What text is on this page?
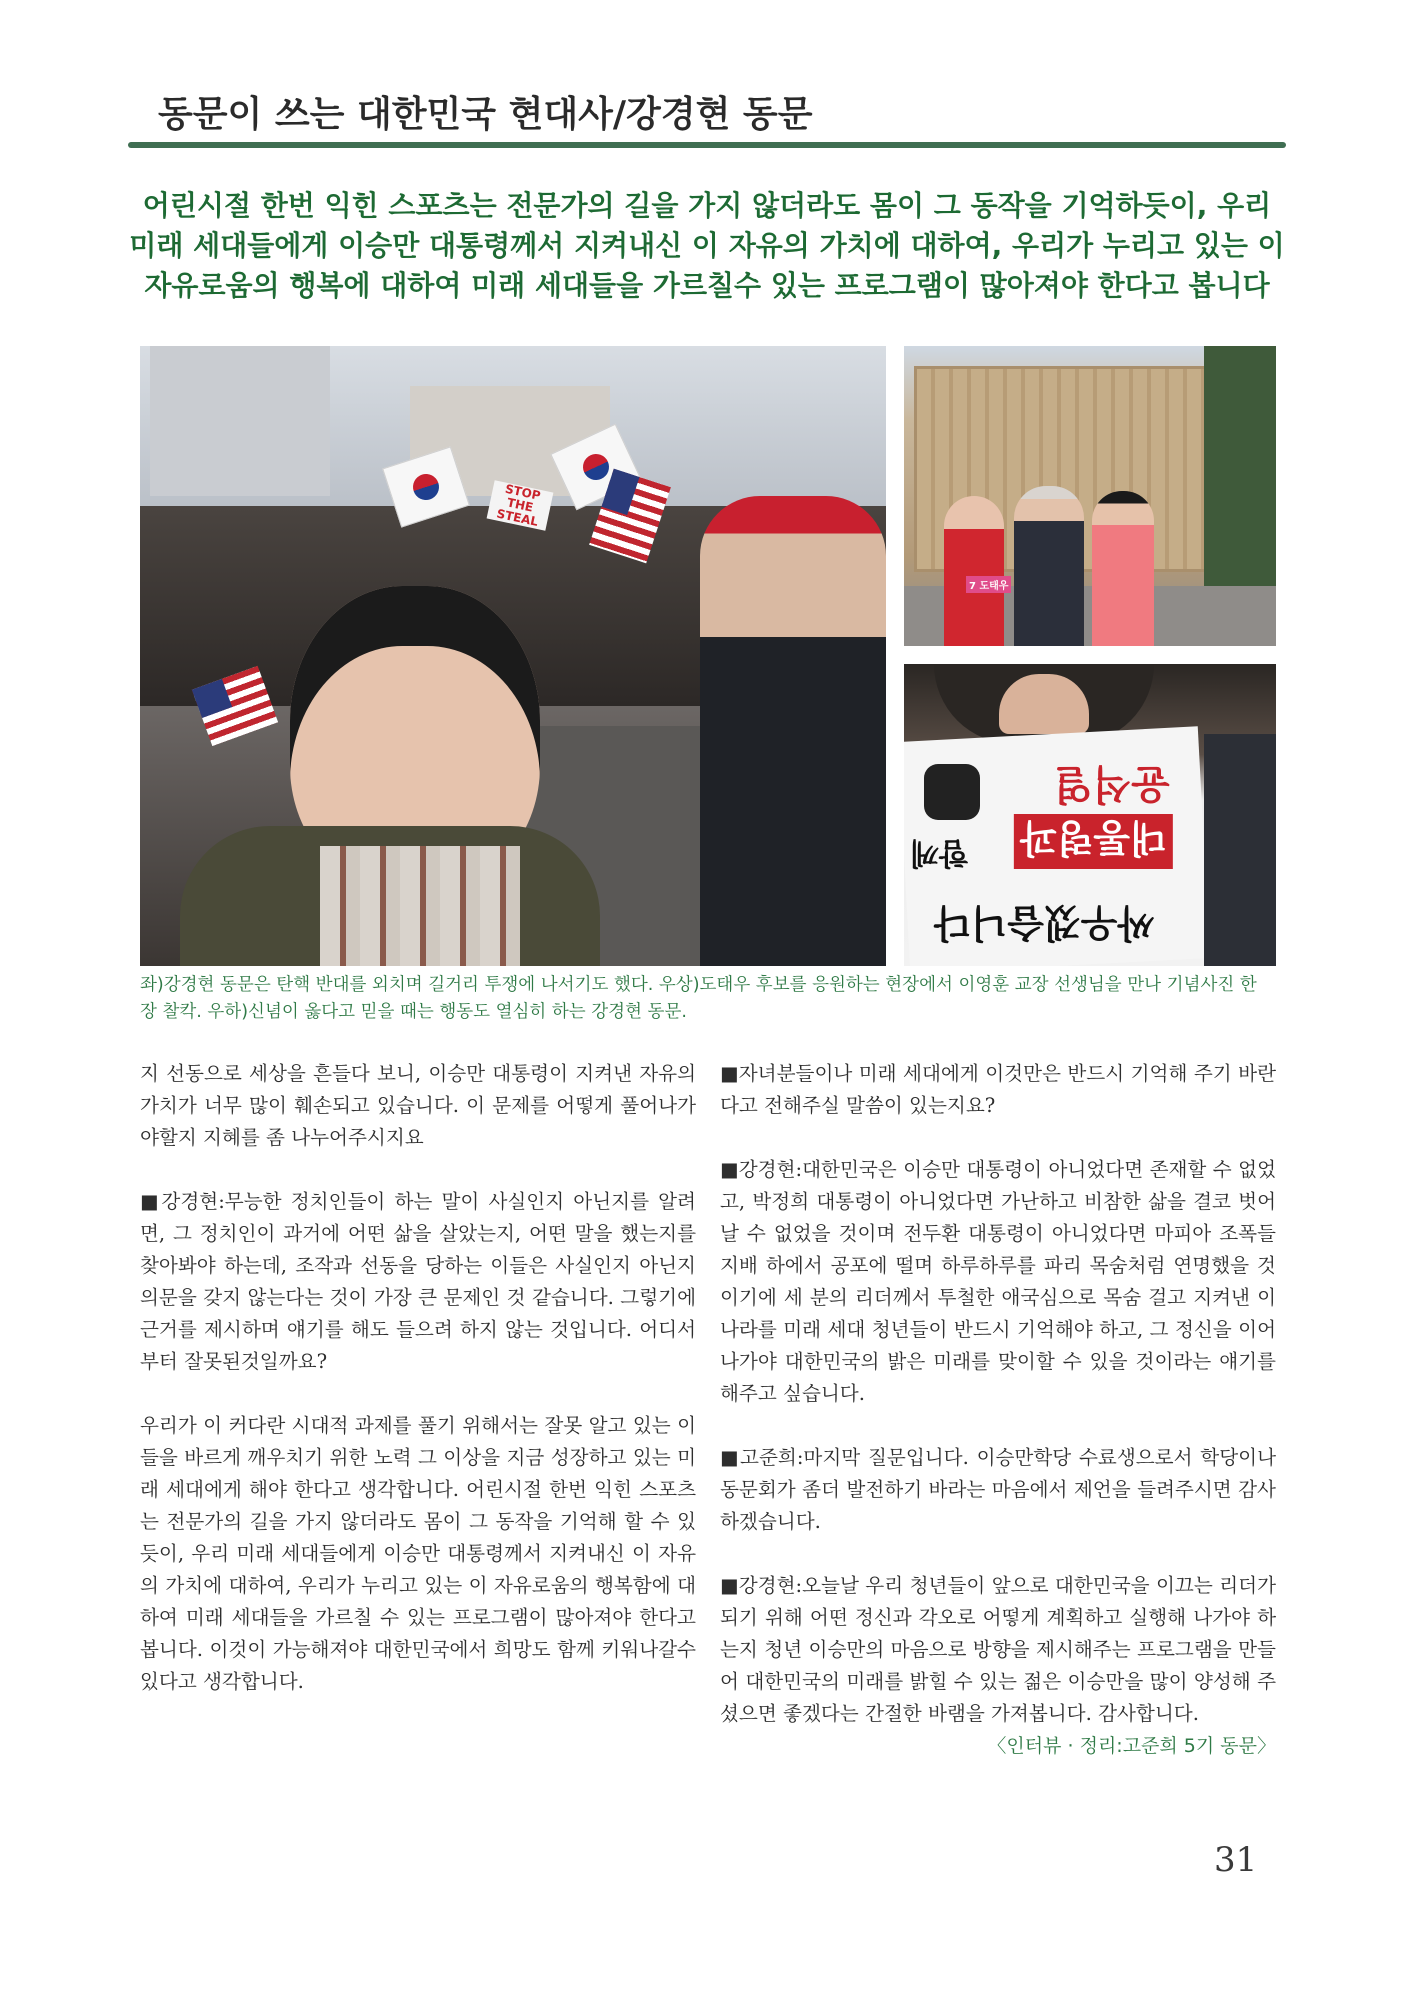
동문이 쓰는 대한민국 현대사/강경현 동문
어린시절 한번 익힌 스포츠는 전문가의 길을 가지 않더라도 몸이 그 동작을 기억하듯이, 우리 미래 세대들에게 이승만 대통령께서 지켜내신 이 자유의 가치에 대하여, 우리가 누리고 있는 이 자유로움의 행복에 대하여 미래 세대들을 가르칠수 있는 프로그램이 많아져야 한다고 봅니다
STOP THE STEAL
7 도태우
윤석열
대통령과
함께
싸우겠습니다
좌)강경현 동문은 탄핵 반대를 외치며 길거리 투쟁에 나서기도 했다. 우상)도태우 후보를 응원하는 현장에서 이영훈 교장 선생님을 만나 기념사진 한 장 찰칵. 우하)신념이 옳다고 믿을 때는 행동도 열심히 하는 강경현 동문.

지 선동으로 세상을 흔들다 보니, 이승만 대통령이 지켜낸 자유의 가치가 너무 많이 훼손되고 있습니다. 이 문제를 어떻게 풀어나가야할지 지혜를 좀 나누어주시지요

■강경현:무능한 정치인들이 하는 말이 사실인지 아닌지를 알려면, 그 정치인이 과거에 어떤 삶을 살았는지, 어떤 말을 했는지를 찾아봐야 하는데, 조작과 선동을 당하는 이들은 사실인지 아닌지 의문을 갖지 않는다는 것이 가장 큰 문제인 것 같습니다. 그렇기에 근거를 제시하며 얘기를 해도 들으려 하지 않는 것입니다. 어디서부터 잘못된것일까요?

우리가 이 커다란 시대적 과제를 풀기 위해서는 잘못 알고 있는 이들을 바르게 깨우치기 위한 노력 그 이상을 지금 성장하고 있는 미래 세대에게 해야 한다고 생각합니다. 어린시절 한번 익힌 스포츠는 전문가의 길을 가지 않더라도 몸이 그 동작을 기억해 할 수 있듯이, 우리 미래 세대들에게 이승만 대통령께서 지켜내신 이 자유의 가치에 대하여, 우리가 누리고 있는 이 자유로움의 행복함에 대하여 미래 세대들을 가르칠 수 있는 프로그램이 많아져야 한다고 봅니다. 이것이 가능해져야 대한민국에서 희망도 함께 키워나갈수 있다고 생각합니다.

■자녀분들이나 미래 세대에게 이것만은 반드시 기억해 주기 바란다고 전해주실 말씀이 있는지요?

■강경현:대한민국은 이승만 대통령이 아니었다면 존재할 수 없었고, 박정희 대통령이 아니었다면 가난하고 비참한 삶을 결코 벗어날 수 없었을 것이며 전두환 대통령이 아니었다면 마피아 조폭들 지배 하에서 공포에 떨며 하루하루를 파리 목숨처럼 연명했을 것이기에 세 분의 리더께서 투철한 애국심으로 목숨 걸고 지켜낸 이 나라를 미래 세대 청년들이 반드시 기억해야 하고, 그 정신을 이어나가야 대한민국의 밝은 미래를 맞이할 수 있을 것이라는 얘기를 해주고 싶습니다.

■고준희:마지막 질문입니다. 이승만학당 수료생으로서 학당이나 동문회가 좀더 발전하기 바라는 마음에서 제언을 들려주시면 감사하겠습니다.

■강경현:오늘날 우리 청년들이 앞으로 대한민국을 이끄는 리더가 되기 위해 어떤 정신과 각오로 어떻게 계획하고 실행해 나가야 하는지 청년 이승만의 마음으로 방향을 제시해주는 프로그램을 만들어 대한민국의 미래를 밝힐 수 있는 젊은 이승만을 많이 양성해 주셨으면 좋겠다는 간절한 바램을 가져봅니다. 감사합니다.

〈인터뷰 · 정리:고준희 5기 동문〉
31
